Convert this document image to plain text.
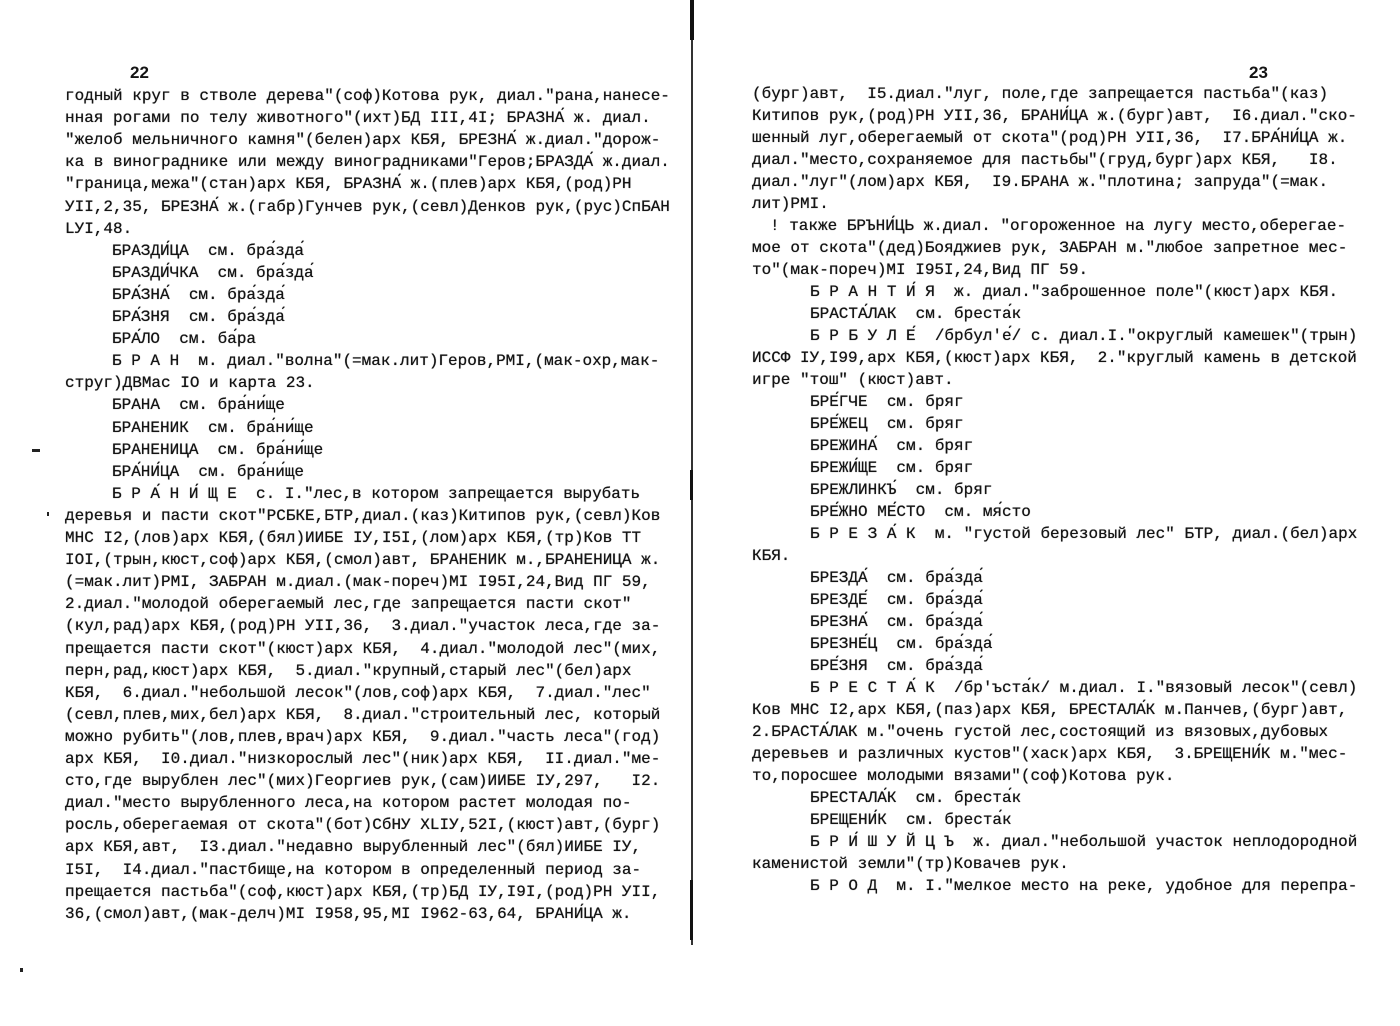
22
годный круг в стволе дерева"(соф)Котова рук, диал."рана,нанесе-
нная рогами по телу животного"(ихт)БД III,4I; БРАЗНА́ ж. диал.
"желоб мельничного камня"(белен)арх КБЯ, БРЕЗНА́ ж.диал."дорож-
ка в винограднике или между виноградниками"Геров;БРАЗДА́ ж.диал.
"граница,межа"(стан)арх КБЯ, БРАЗНА́ ж.(плев)арх КБЯ,(род)РН
УII,2,35, БРЕЗНА́ ж.(габр)Гунчев рук,(севл)Денков рук,(рус)СпБАН
LУI,48.
БРАЗДИ́ЦА  см. бра́зда́
БРАЗДИ́ЧКА  см. бра́зда́
БРА́ЗНА́  см. бра́зда́
БРА́ЗНЯ  см. бра́зда́
БРА́ЛО  см. ба́ра
Б Р А Н  м. диал."волна"(=мак.лит)Геров,РМI,(мак-охр,мак-
струг)ДВМас IO и карта 23.
БРАНА  см. бра́ни́ще
БРАНЕНИК  см. бра́ни́ще
БРАНЕНИЦА  см. бра́ни́ще
БРА́НИ́ЦА  см. бра́ни́ще
Б Р А́ Н И́ Щ Е  с. I."лес,в котором запрещается вырубать
деревья и пасти скот"РСБКЕ,БТР,диал.(каз)Китипов рук,(севл)Ков
МНС I2,(лов)арх КБЯ,(бял)ИИБЕ IУ,I5I,(лом)арх КБЯ,(тр)Ков ТТ
IOI,(трын,кюст,соф)арх КБЯ,(смол)авт, БРАНЕНИК м.,БРАНЕНИЦА ж.
(=мак.лит)РМI, ЗАБРАН м.диал.(мак-пореч)МI I95I,24,Вид ПГ 59,
2.диал."молодой оберегаемый лес,где запрещается пасти скот"
(кул,рад)арх КБЯ,(род)РН УII,36,  3.диал."участок леса,где за-
прещается пасти скот"(кюст)арх КБЯ,  4.диал."молодой лес"(мих,
перн,рад,кюст)арх КБЯ,  5.диал."крупный,старый лес"(бел)арх
КБЯ,  6.диал."небольшой лесок"(лов,соф)арх КБЯ,  7.диал."лес"
(севл,плев,мих,бел)арх КБЯ,  8.диал."строительный лес, который
можно рубить"(лов,плев,врач)арх КБЯ,  9.диал."часть леса"(год)
арх КБЯ,  I0.диал."низкорослый лес"(ник)арх КБЯ,  II.диал."ме-
сто,где вырублен лес"(мих)Георгиев рук,(сам)ИИБЕ IУ,297,   I2.
диал."место вырубленного леса,на котором растет молодая по-
росль,оберегаемая от скота"(бот)СбНУ XLIУ,52I,(кюст)авт,(бург)
арх КБЯ,авт,  I3.диал."недавно вырубленный лес"(бял)ИИБЕ IУ,
I5I,  I4.диал."пастбище,на котором в определенный период за-
прещается пастьба"(соф,кюст)арх КБЯ,(тр)БД IУ,I9I,(род)РН УII,
36,(смол)авт,(мак-делч)МI I958,95,МI I962-63,64, БРАНИ́ЦА ж.
23
(бург)авт,  I5.диал."луг, поле,где запрещается пастьба"(каз)
Китипов рук,(род)РН УII,36, БРАНИ́ЦА ж.(бург)авт,  I6.диал."ско-
шенный луг,оберегаемый от скота"(род)РН УII,36,  I7.БРА́НИ́ЦА ж.
диал."место,сохраняемое для пастьбы"(груд,бург)арх КБЯ,   I8.
диал."луг"(лом)арх КБЯ,  I9.БРАНА ж."плотина; запруда"(=мак.
лит)РМI.
! также БРЪНИ́ЦЬ ж.диал. "огороженное на лугу место,оберегае-
мое от скота"(дед)Бояджиев рук, ЗАБРАН м."любое запретное мес-
то"(мак-пореч)МI I95I,24,Вид ПГ 59.
Б Р А Н Т И́ Я  ж. диал."заброшенное поле"(кюст)арх КБЯ.
БРАСТА́ЛАК  см. бреста́к
Б Р Б У Л Е́  /брбул'е́/ с. диал.I."округлый камешек"(трын)
ИССФ IУ,I99,арх КБЯ,(кюст)арх КБЯ,  2."круглый камень в детской
игре "тош" (кюст)авт.
БРЕ́ГЧЕ  см. бряг
БРЕ́ЖЕЦ  см. бряг
БРЕЖИНА́  см. бряг
БРЕЖИ́ЩЕ  см. бряг
БРЕЖЛИНКЪ́  см. бряг
БРЕ́ЖНО МЕ́СТО  см. мя́сто
Б Р Е З А́ К  м. "густой березовый лес" БТР, диал.(бел)арх
КБЯ.
БРЕЗДА́  см. бра́зда́
БРЕЗДЕ́  см. бра́зда́
БРЕЗНА́  см. бра́зда́
БРЕЗНЕ́Ц  см. бра́зда́
БРЕ́ЗНЯ  см. бра́зда́
Б Р Е С Т А́ К  /бр'ъста́к/ м.диал. I."вязовый лесок"(севл)
Ков МНС I2,арх КБЯ,(паз)арх КБЯ, БРЕСТАЛА́К м.Панчев,(бург)авт,
2.БРАСТА́ЛАК м."очень густой лес,состоящий из вязовых,дубовых
деревьев и различных кустов"(хаск)арх КБЯ,  3.БРЕЩЕНИ́К м."мес-
то,поросшее молодыми вязами"(соф)Котова рук.
БРЕСТАЛА́К  см. бреста́к
БРЕЩЕНИ́К  см. бреста́к
Б Р И́ Ш У Й Ц Ъ  ж. диал."небольшой участок неплодородной
каменистой земли"(тр)Ковачев рук.
Б Р О Д  м. I."мелкое место на реке, удобное для перепра-
